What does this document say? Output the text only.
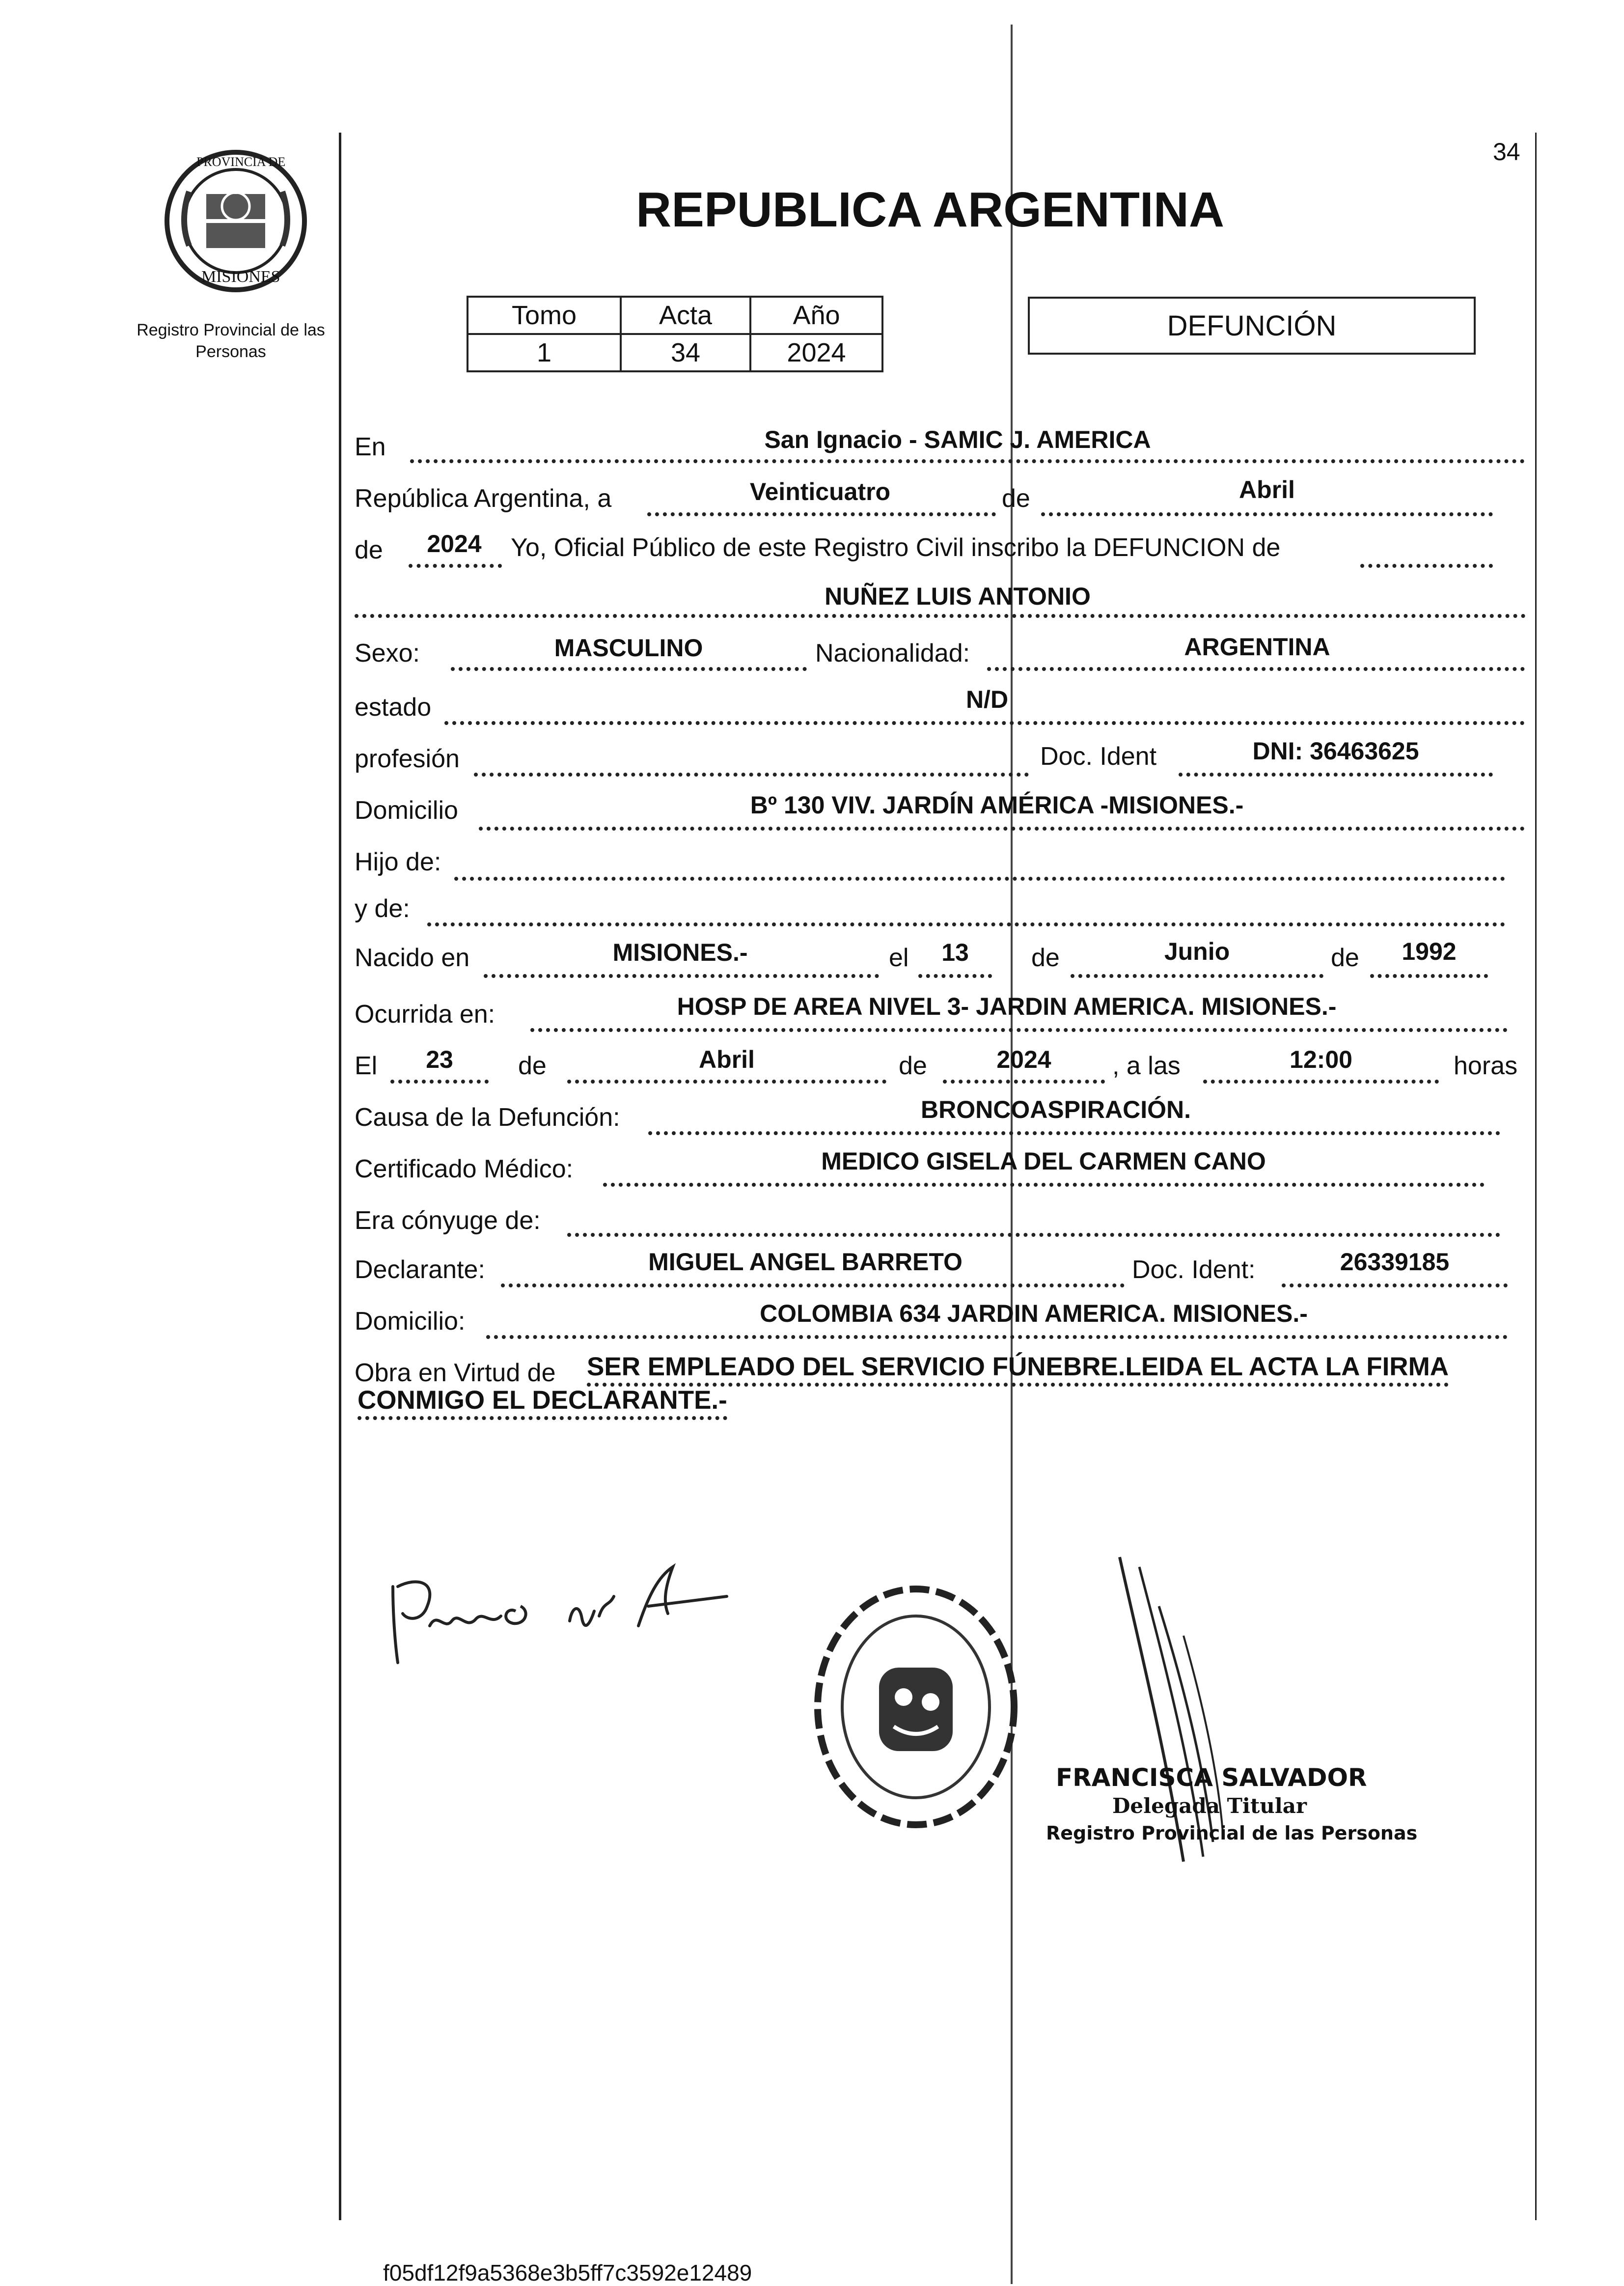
34
PROVINCIA DE
MISIONES
Registro Provincial de las Personas
REPUBLICA ARGENTINA
Tomo	Acta	Año
1	34	2024
DEFUNCIÓN
En	San Ignacio - SAMIC J. AMERICA
República Argentina, a	Veinticuatro	de	Abril
de	2024	Yo, Oficial Público de este Registro Civil inscribo la DEFUNCION de
NUÑEZ LUIS ANTONIO
Sexo:	MASCULINO	Nacionalidad:	ARGENTINA
estado	N/D
profesión	Doc. Ident	DNI: 36463625
Domicilio	Bº 130 VIV. JARDÍN AMÉRICA -MISIONES.-
Hijo de:
y de:
Nacido en	MISIONES.-	el	13	de	Junio	de	1992
Ocurrida en:	HOSP DE AREA NIVEL 3- JARDIN AMERICA. MISIONES.-
El	23	de	Abril	de	2024	, a las	12:00	horas
Causa de la Defunción:	BRONCOASPIRACIÓN.
Certificado Médico:	MEDICO GISELA DEL CARMEN CANO
Era cónyuge de:
Declarante:	MIGUEL ANGEL BARRETO	Doc. Ident:	26339185
Domicilio:	COLOMBIA 634 JARDIN AMERICA. MISIONES.-
Obra en Virtud de SER EMPLEADO DEL SERVICIO FÚNEBRE.LEIDA EL ACTA LA FIRMA
CONMIGO EL DECLARANTE.-
FRANCISCA SALVADOR
Delegada Titular
Registro Provincial de las Personas
f05df12f9a5368e3b5ff7c3592e12489
